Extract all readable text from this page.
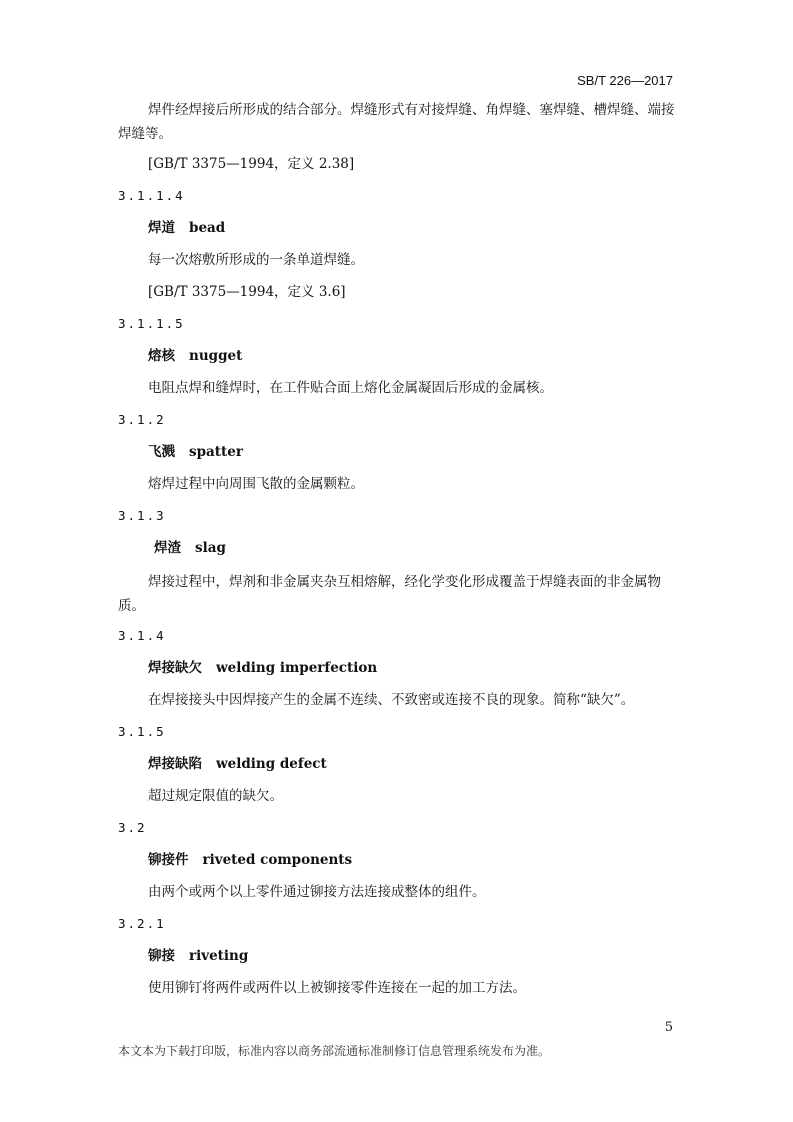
SB/T 226—2017

焊件经焊接后所形成的结合部分。焊缝形式有对接焊缝、角焊缝、塞焊缝、槽焊缝、端接焊缝等。

[GB/T 3375—1994，定义 2.38]

3.1.1.4
焊道 bead
每一次熔敷所形成的一条单道焊缝。
[GB/T 3375—1994，定义 3.6]
3.1.1.5
熔核 nugget
电阻点焊和缝焊时，在工件贴合面上熔化金属凝固后形成的金属核。
3.1.2
飞溅 spatter
熔焊过程中向周围飞散的金属颗粒。
3.1.3
焊渣 slag
焊接过程中，焊剂和非金属夹杂互相熔解，经化学变化形成覆盖于焊缝表面的非金属物质。
3.1.4
焊接缺欠 welding imperfection
在焊接接头中因焊接产生的金属不连续、不致密或连接不良的现象。简称“缺欠”。
3.1.5
焊接缺陷 welding defect
超过规定限值的缺欠。
3.2
铆接件 riveted components
由两个或两个以上零件通过铆接方法连接成整体的组件。
3.2.1
铆接 riveting
使用铆钉将两件或两件以上被铆接零件连接在一起的加工方法。
5
本文本为下载打印版，标准内容以商务部流通标准制修订信息管理系统发布为准。
